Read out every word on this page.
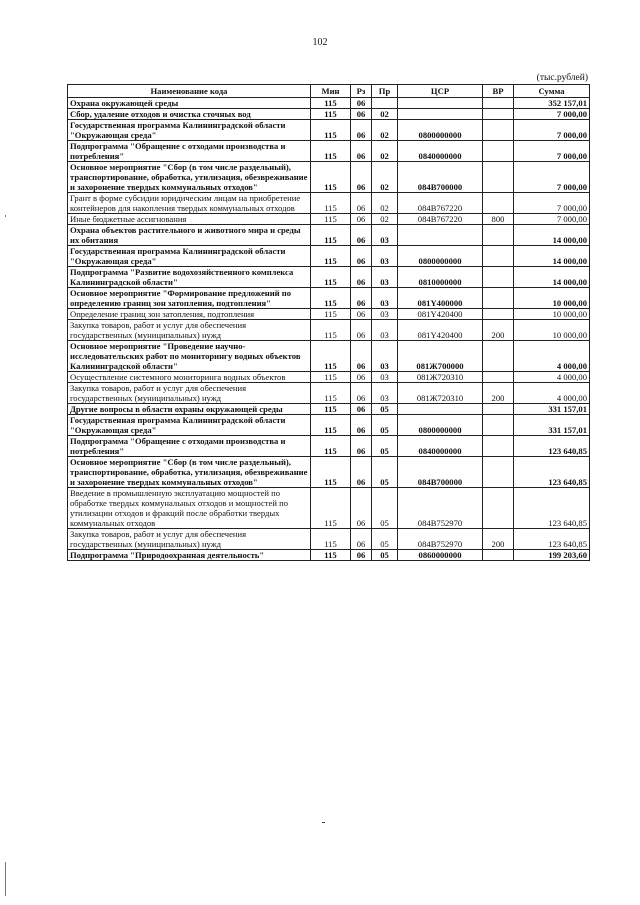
102
(тыс.рублей)
Наименование кода	Мин	Рз	Пр	ЦСР	ВР	Сумма
Охрана окружающей среды	115	06				352 157,01
Сбор, удаление отходов и очистка сточных вод	115	06	02			7 000,00
Государственная программа Калининградской области "Окружающая среда"	115	06	02	0800000000		7 000,00
Подпрограмма "Обращение с отходами производства и потребления"	115	06	02	0840000000		7 000,00
Основное мероприятие "Сбор (в том числе раздельный), транспортирование, обработка, утилизация, обезвреживание и захоронение твердых коммунальных отходов"	115	06	02	084В700000		7 000,00
Грант в форме субсидии юридическим лицам на приобретение контейнеров для накопления твердых коммунальных отходов	115	06	02	084В767220		7 000,00
Иные бюджетные ассигнования	115	06	02	084В767220	800	7 000,00
Охрана объектов растительного и животного мира и среды их обитания	115	06	03			14 000,00
Государственная программа Калининградской области "Окружающая среда"	115	06	03	0800000000		14 000,00
Подпрограмма "Развитие водохозяйственного комплекса Калининградской области"	115	06	03	0810000000		14 000,00
Основное мероприятие "Формирование предложений по определению границ зон затопления, подтопления"	115	06	03	081Y400000		10 000,00
Определение границ зон затопления, подтопления	115	06	03	081Y420400		10 000,00
Закупка товаров, работ и услуг для обеспечения государственных (муниципальных) нужд	115	06	03	081Y420400	200	10 000,00
Основное мероприятие "Проведение научно-исследовательских работ по мониторингу водных объектов Калининградской области"	115	06	03	081Ж700000		4 000,00
Осуществление системного мониторинга водных объектов	115	06	03	081Ж720310		4 000,00
Закупка товаров, работ и услуг для обеспечения государственных (муниципальных) нужд	115	06	03	081Ж720310	200	4 000,00
Другие вопросы в области охраны окружающей среды	115	06	05			331 157,01
Государственная программа Калининградской области "Окружающая среда"	115	06	05	0800000000		331 157,01
Подпрограмма "Обращение с отходами производства и потребления"	115	06	05	0840000000		123 640,85
Основное мероприятие "Сбор (в том числе раздельный), транспортирование, обработка, утилизация, обезвреживание и захоронение твердых коммунальных отходов"	115	06	05	084В700000		123 640,85
Введение в промышленную эксплуатацию мощностей по обработке твердых коммунальных отходов и мощностей по утилизации отходов и фракций после обработки твердых коммунальных отходов	115	06	05	084В752970		123 640,85
Закупка товаров, работ и услуг для обеспечения государственных (муниципальных) нужд	115	06	05	084В752970	200	123 640,85
Подпрограмма "Природоохранная деятельность"	115	06	05	0860000000		199 203,60
